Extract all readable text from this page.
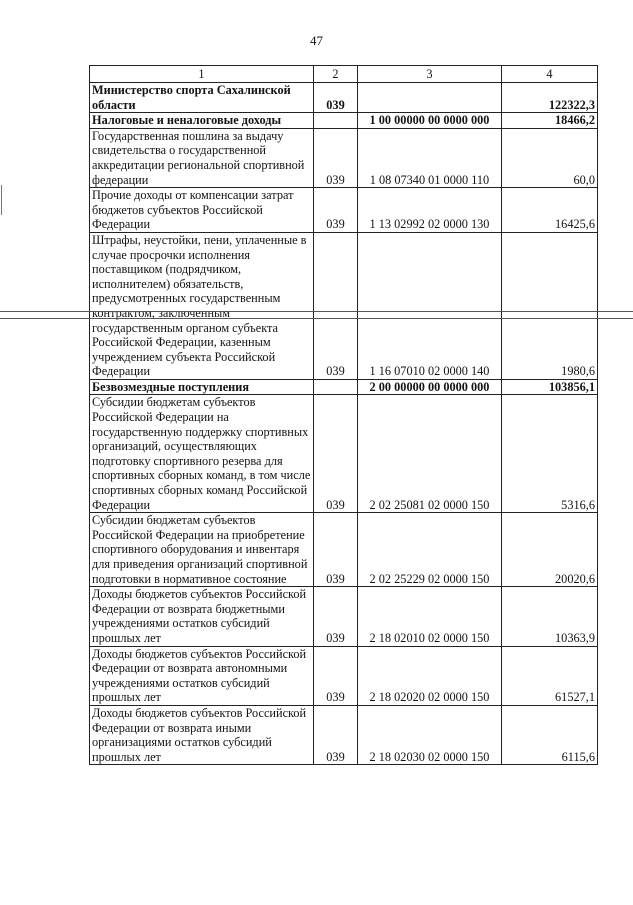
47
1	2	3	4
Министерство спорта Сахалинской области	039		122322,3
Налоговые и неналоговые доходы		1 00 00000 00 0000 000	18466,2
Государственная пошлина за выдачу свидетельства о государственной аккредитации региональной спортивной федерации	039	1 08 07340 01 0000 110	60,0
Прочие доходы от компенсации затрат бюджетов субъектов Российской Федерации	039	1 13 02992 02 0000 130	16425,6
Штрафы, неустойки, пени, уплаченные в случае просрочки исполнения поставщиком (подрядчиком, исполнителем) обязательств, предусмотренных государственным контрактом, заключенным государственным органом субъекта Российской Федерации, казенным учреждением субъекта Российской Федерации	039	1 16 07010 02 0000 140	1980,6
Безвозмездные поступления		2 00 00000 00 0000 000	103856,1
Субсидии бюджетам субъектов Российской Федерации на государственную поддержку спортивных организаций, осуществляющих подготовку спортивного резерва для спортивных сборных команд, в том числе спортивных сборных команд Российской Федерации	039	2 02 25081 02 0000 150	5316,6
Субсидии бюджетам субъектов Российской Федерации на приобретение спортивного оборудования и инвентаря для приведения организаций спортивной подготовки в нормативное состояние	039	2 02 25229 02 0000 150	20020,6
Доходы бюджетов субъектов Российской Федерации от возврата бюджетными учреждениями остатков субсидий прошлых лет	039	2 18 02010 02 0000 150	10363,9
Доходы бюджетов субъектов Российской Федерации от возврата автономными учреждениями остатков субсидий прошлых лет	039	2 18 02020 02 0000 150	61527,1
Доходы бюджетов субъектов Российской Федерации от возврата иными организациями остатков субсидий прошлых лет	039	2 18 02030 02 0000 150	6115,6
